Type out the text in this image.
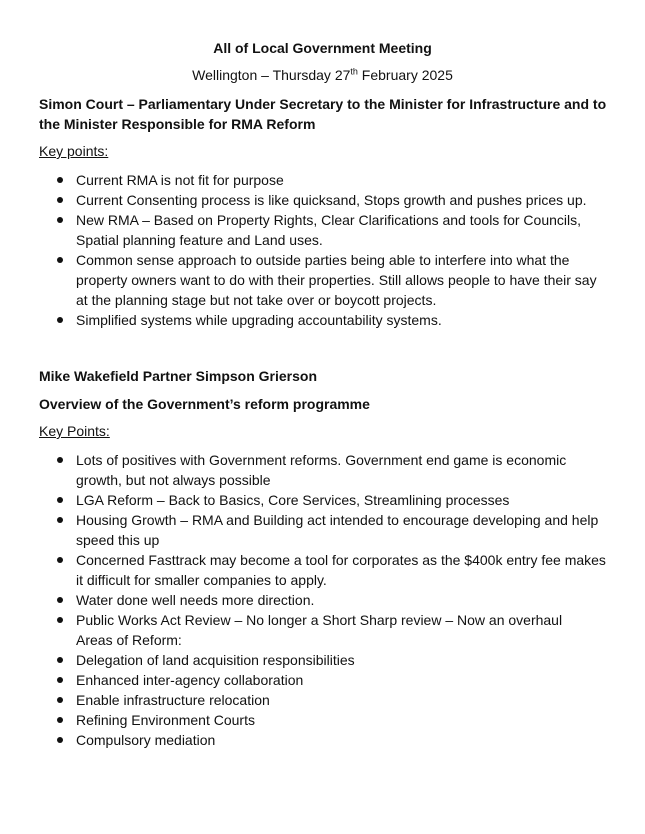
All of Local Government Meeting
Wellington – Thursday 27th February 2025
Simon Court – Parliamentary Under Secretary to the Minister for Infrastructure and to the Minister Responsible for RMA Reform
Key points:
Current RMA is not fit for purpose
Current Consenting process is like quicksand, Stops growth and pushes prices up.
New RMA – Based on Property Rights, Clear Clarifications and tools for Councils, Spatial planning feature and Land uses.
Common sense approach to outside parties being able to interfere into what the property owners want to do with their properties. Still allows people to have their say at the planning stage but not take over or boycott projects.
Simplified systems while upgrading accountability systems.
Mike Wakefield Partner Simpson Grierson
Overview of the Government’s reform programme
Key Points:
Lots of positives with Government reforms. Government end game is economic growth, but not always possible
LGA Reform – Back to Basics, Core Services, Streamlining processes
Housing Growth – RMA and Building act intended to encourage developing and help speed this up
Concerned Fasttrack may become a tool for corporates as the $400k entry fee makes it difficult for smaller companies to apply.
Water done well needs more direction.
Public Works Act Review – No longer a Short Sharp review – Now an overhaul
Areas of Reform:
Delegation of land acquisition responsibilities
Enhanced inter-agency collaboration
Enable infrastructure relocation
Refining Environment Courts
Compulsory mediation
